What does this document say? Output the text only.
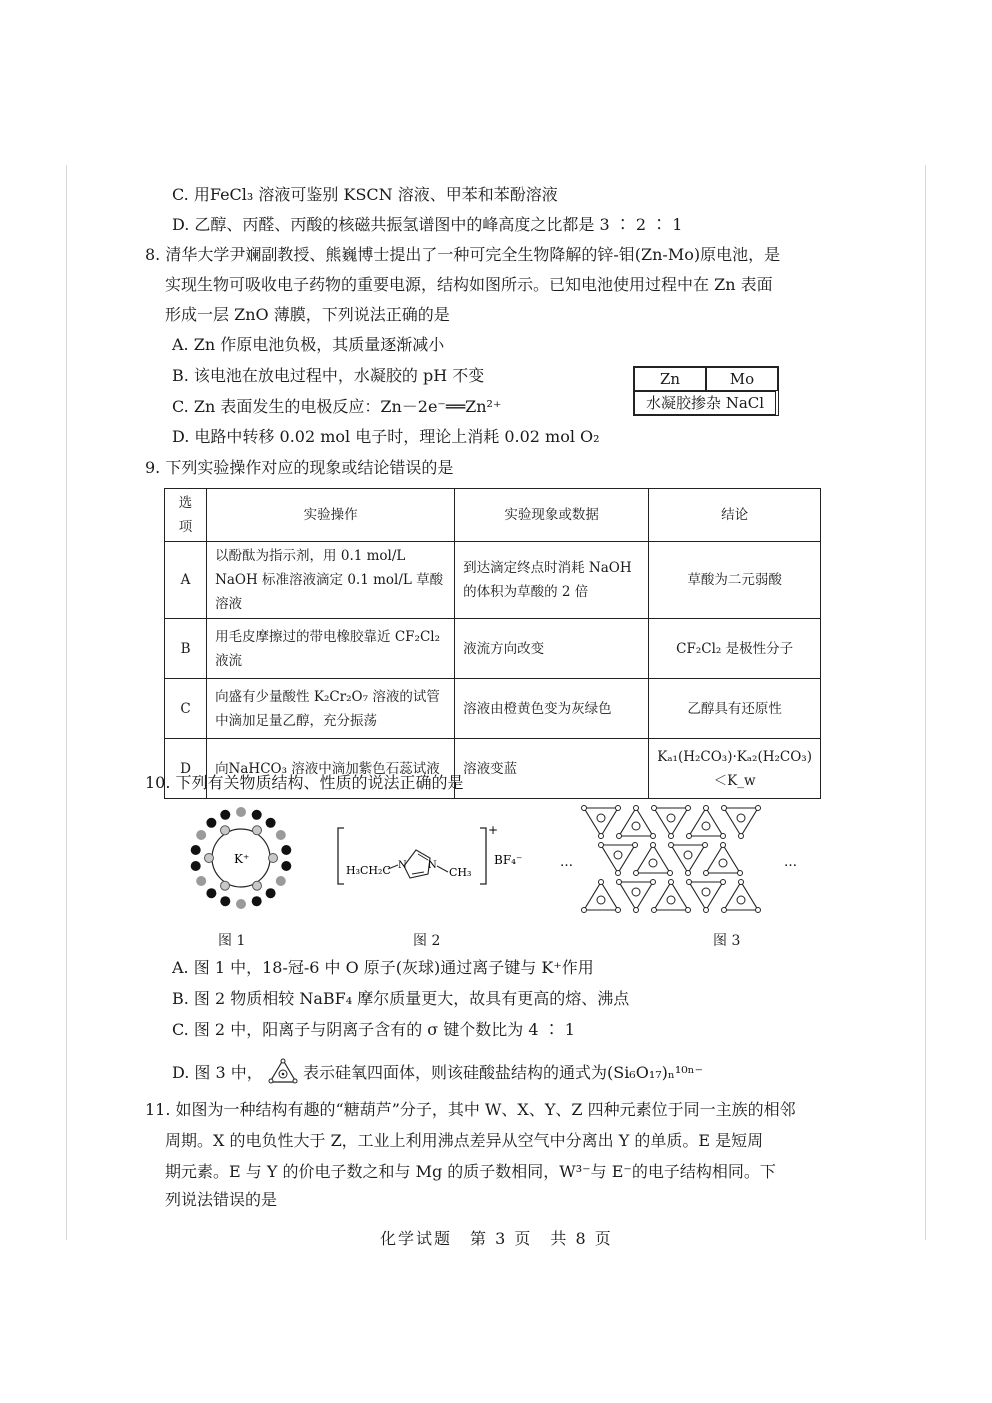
C. 用FeCl₃ 溶液可鉴别 KSCN 溶液、甲苯和苯酚溶液
D. 乙醇、丙醛、丙酸的核磁共振氢谱图中的峰高度之比都是 3 ∶ 2 ∶ 1
8. 清华大学尹斓副教授、熊巍博士提出了一种可完全生物降解的锌-钼(Zn-Mo)原电池，是
实现生物可吸收电子药物的重要电源，结构如图所示。已知电池使用过程中在 Zn 表面
形成一层 ZnO 薄膜，下列说法正确的是
A. Zn 作原电池负极，其质量逐渐减小
B. 该电池在放电过程中，水凝胶的 pH 不变
C. Zn 表面发生的电极反应：Zn－2e⁻══Zn²⁺
D. 电路中转移 0.02 mol 电子时，理论上消耗 0.02 mol O₂
Zn	Mo
水凝胶掺杂 NaCl
9. 下列实验操作对应的现象或结论错误的是
选项	实验操作	实验现象或数据	结论
A	以酚酞为指示剂，用 0.1 mol/L NaOH 标准溶液滴定 0.1 mol/L 草酸溶液	到达滴定终点时消耗 NaOH 的体积为草酸的 2 倍	草酸为二元弱酸
B	用毛皮摩擦过的带电橡胶靠近 CF₂Cl₂ 液流	液流方向改变	CF₂Cl₂ 是极性分子
C	向盛有少量酸性 K₂Cr₂O₇ 溶液的试管中滴加足量乙醇，充分振荡	溶液由橙黄色变为灰绿色	乙醇具有还原性
D	向NaHCO₃ 溶液中滴加紫色石蕊试液	溶液变蓝	Kₐ₁(H₂CO₃)·Kₐ₂(H₂CO₃)＜K_w
10. 下列有关物质结构、性质的说法正确的是
K⁺
图 1
H₃CH₂C N N
CH₃
+
BF₄⁻
图 2
…	…
图 3
A. 图 1 中，18-冠-6 中 O 原子(灰球)通过离子键与 K⁺作用
B. 图 2 物质相较 NaBF₄ 摩尔质量更大，故具有更高的熔、沸点
C. 图 2 中，阳离子与阴离子含有的 σ 键个数比为 4 ∶ 1
D. 图 3 中，	表示硅氧四面体，则该硅酸盐结构的通式为(Si₆O₁₇)ₙ¹⁰ⁿ⁻
11. 如图为一种结构有趣的“糖葫芦”分子，其中 W、X、Y、Z 四种元素位于同一主族的相邻
周期。X 的电负性大于 Z，工业上利用沸点差异从空气中分离出 Y 的单质。E 是短周
期元素。E 与 Y 的价电子数之和与 Mg 的质子数相同，W³⁻与 E⁻的电子结构相同。下
列说法错误的是
化学试题　第 3 页　共 8 页
